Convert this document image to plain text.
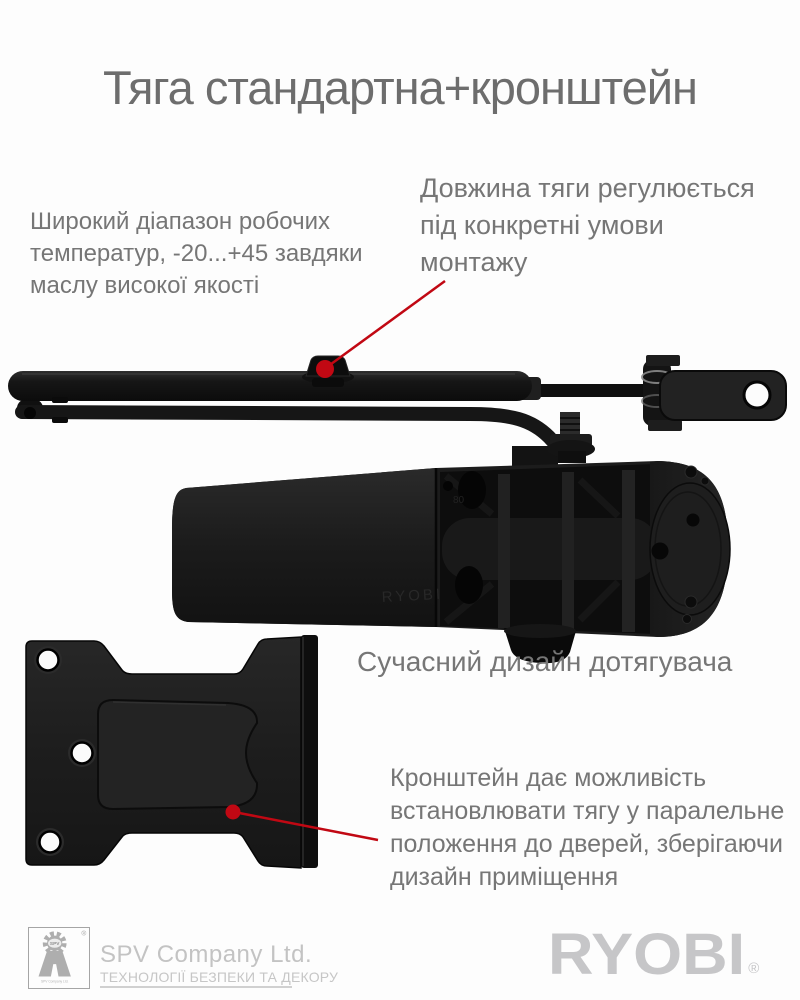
Тяга стандартна+кронштейн
Широкий діапазон робочих
температур, -20...+45 завдяки
маслу високої якості
Довжина тяги регулюється
під конкретні умови
монтажу
80
RYOBI
Сучасний дизайн дотягувача
Кронштейн дає можливість
встановлювати тягу у паралельне
положення до дверей, зберігаючи
дизайн приміщення
SPV
SPV Company Ltd.
®
SPV Company Ltd.
ТЕХНОЛОГІЇ БЕЗПЕКИ ТА ДЕКОРУ	RYOBI ®
